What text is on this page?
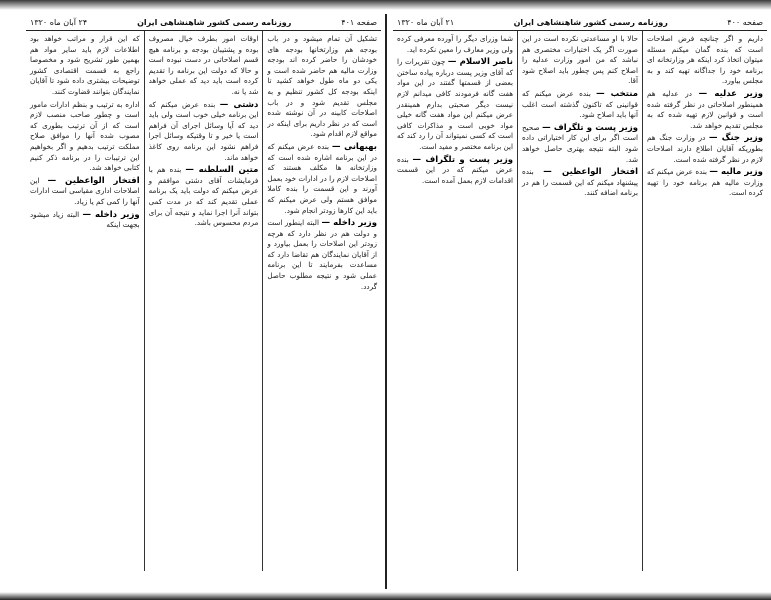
صفحه ۴۰۱
روزنامه رسمی کشور شاهنشاهی ایران
۲۴ آبان ماه ۱۳۲۰

تشکیل آن تمام میشود و در باب بودجه هم وزارتخانها بودجه های خودشان را حاضر کرده اند بودجه وزارت مالیه هم حاضر شده است و یکی دو ماه طول خواهد کشید تا اینکه بودجه کل کشور تنظیم و به مجلس تقدیم شود و در باب اصلاحات کابینه در آن نوشته شده است که در نظر داریم برای اینکه در مواقع لازم اقدام شود.

بهبهانی — بنده عرض میکنم که در این برنامه اشاره شده است که وزارتخانه ها مکلف هستند که اصلاحات لازم را در ادارات خود بعمل آورند و این قسمت را بنده کاملا موافق هستم ولی عرض میکنم که باید این کارها زودتر انجام شود.

وزیر داخله — البته اینطور است و دولت هم در نظر دارد که هرچه زودتر این اصلاحات را بعمل بیاورد و از آقایان نمایندگان هم تقاضا دارد که مساعدت بفرمایند تا این برنامه عملی شود و نتیجه مطلوب حاصل گردد.

اوقات امور بطرف خیال مصروف بوده و پشتیبان بودجه و برنامه هیچ قسم اصلاحاتی در دست نبوده است و حالا که دولت این برنامه را تقدیم کرده است باید دید که عملی خواهد شد یا نه.

دشتی — بنده عرض میکنم که این برنامه خیلی خوب است ولی باید دید که آیا وسائل اجرای آن فراهم است یا خیر و تا وقتیکه وسائل اجرا فراهم نشود این برنامه روی کاغذ خواهد ماند.

متین السلطنه — بنده هم با فرمایشات آقای دشتی موافقم و عرض میکنم که دولت باید یک برنامه عملی تقدیم کند که در مدت کمی بتواند آنرا اجرا نماید و نتیجه آن برای مردم محسوس باشد.

که این قرار و مراتب خواهد بود اطلاعات لازم باید سایر مواد هم بهمین طور تشریح شود و مخصوصا راجع به قسمت اقتصادی کشور توضیحات بیشتری داده شود تا آقایان نمایندگان بتوانند قضاوت کنند.

اداره به ترتیب و بنظم ادارات مامور است و چطور صاحب منصب لازم است که از آن ترتیب بطوری که مصوب شده آنها را موافق صلاح مملکت ترتیب بدهیم و اگر بخواهیم این ترتیبات را در برنامه ذکر کنیم کتابی خواهد شد.

افتخار الواعظین — این اصلاحات اداری مقیاسی است ادارات آنها را کمی کم یا زیاد.

وزیر داخله — البته زیاد میشود بجهت اینکه

صفحه ۴۰۰
روزنامه رسمی کشور شاهنشاهی ایران
۲۱ آبان ماه ۱۳۲۰

داریم و اگر چنانچه فرض اصلاحات است که بنده گمان میکنم مسئله میتوان اتخاذ کرد اینکه هر وزارتخانه ای برنامه خود را جداگانه تهیه کند و به مجلس بیاورد.

وزیر عدلیه — در عدلیه هم همینطور اصلاحاتی در نظر گرفته شده است و قوانین لازم تهیه شده که به مجلس تقدیم خواهد شد.

وزیر جنگ — در وزارت جنگ هم بطوریکه آقایان اطلاع دارند اصلاحات لازم در نظر گرفته شده است.

وزیر مالیه — بنده عرض میکنم که وزارت مالیه هم برنامه خود را تهیه کرده است.

حالا با او مساعدتی نکرده است در این صورت اگر یک اختیارات مختصری هم نباشد که من امور وزارت عدلیه را اصلاح کنم پس چطور باید اصلاح شود آقا.

منتخب — بنده عرض میکنم که قوانینی که تاکنون گذشته است اغلب آنها باید اصلاح شود.

وزیر پست و تلگراف — صحیح است اگر برای این کار اختیاراتی داده شود البته نتیجه بهتری حاصل خواهد شد.

افتخار الواعظین — بنده پیشنهاد میکنم که این قسمت را هم در برنامه اضافه کنند.

شما وزرای دیگر را آورده معرفی کرده ولی وزیر معارف را معین نکرده اید.

ناصر الاسلام — چون تقریرات را که آقای وزیر پست درباره پیاده ساختن بعضی از قسمتها گفتند در این مواد هفت گانه فرمودند کافی میدانم لازم نیست دیگر صحبتی بدارم همینقدر عرض میکنم این مواد هفت گانه خیلی مواد خوبی است و مذاکرات کافی است که کسی نمیتواند آن را رد کند که این برنامه مختصر و مفید است.

وزیر پست و تلگراف — بنده عرض میکنم که در این قسمت اقدامات لازم بعمل آمده است.
